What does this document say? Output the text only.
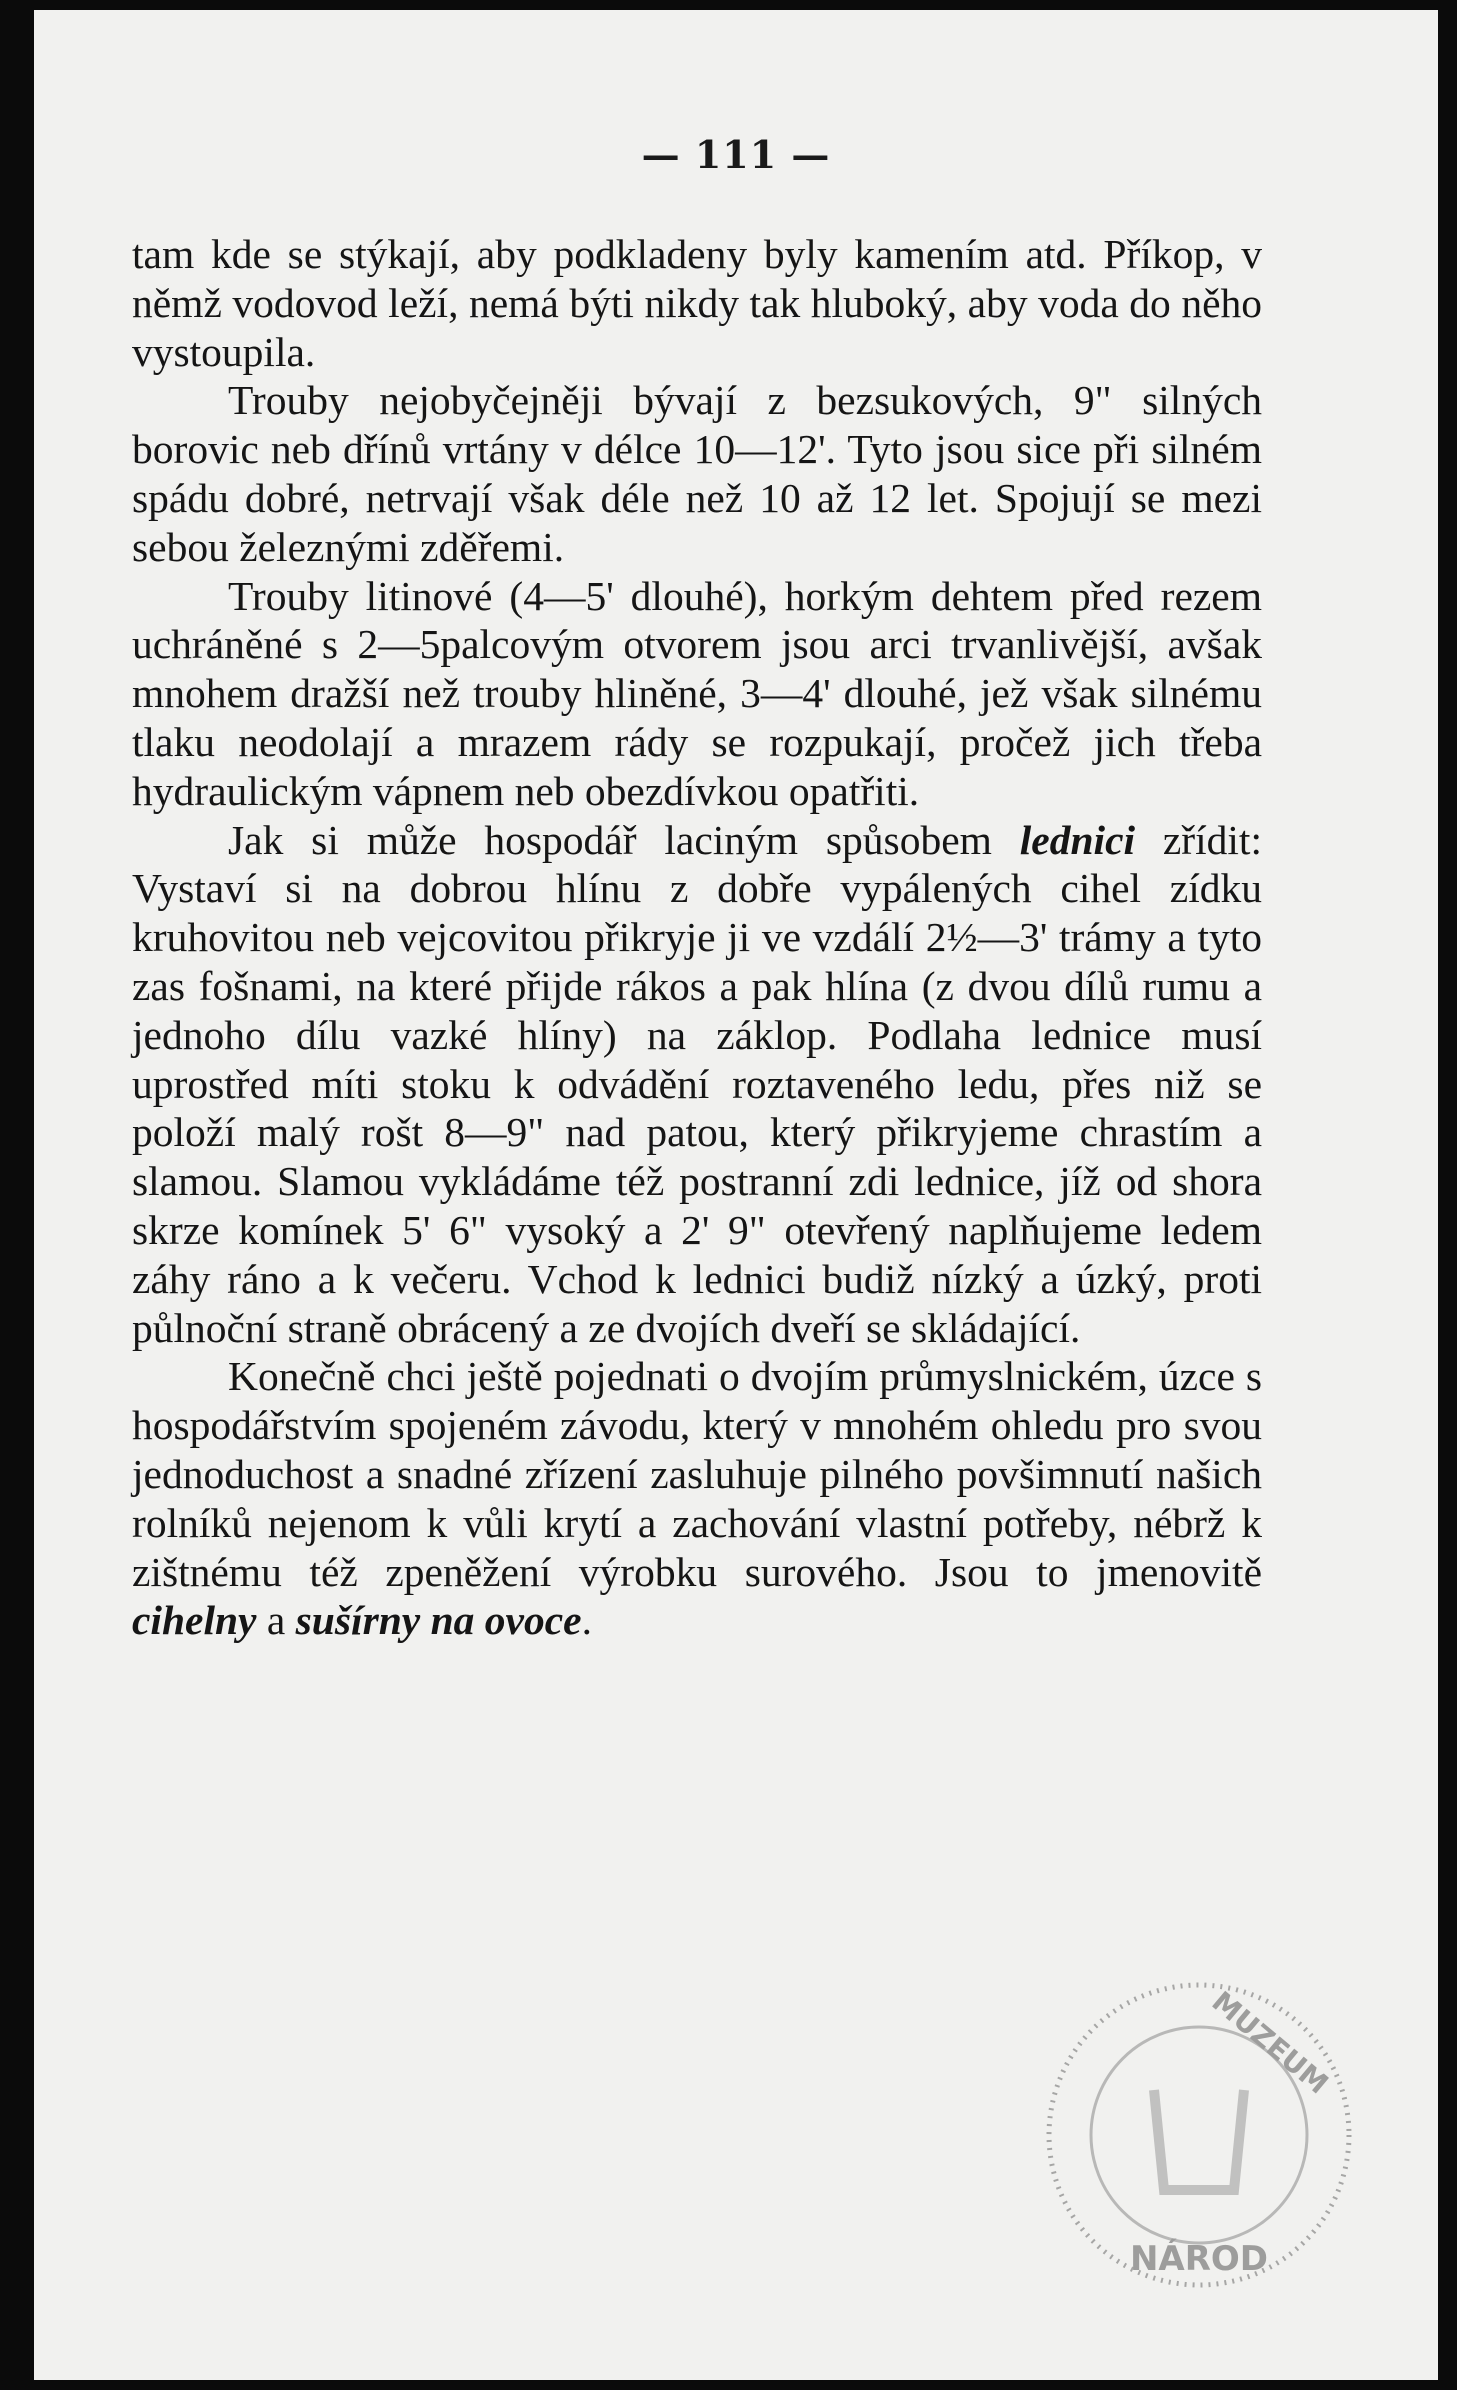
— 111 —

tam kde se stýkají, aby podkladeny byly kamením atd. Příkop, v němž vodovod leží, nemá býti nikdy tak hluboký, aby voda do něho vystoupila.

Trouby nejobyčejněji bývají z bezsukových, 9" silných borovic neb dřínů vrtány v délce 10—12'. Tyto jsou sice při silném spádu dobré, netrvají však déle než 10 až 12 let. Spojují se mezi sebou železnými zděřemi.

Trouby litinové (4—5' dlouhé), horkým dehtem před rezem uchráněné s 2—5palcovým otvorem jsou arci trvanlivější, avšak mnohem dražší než trouby hliněné, 3—4' dlouhé, jež však silnému tlaku neodolají a mrazem rády se rozpukají, pročež jich třeba hydraulickým vápnem neb obezdívkou opatřiti.

Jak si může hospodář laciným spůsobem lednici zřídit: Vystaví si na dobrou hlínu z dobře vypálených cihel zídku kruhovitou neb vejcovitou přikryje ji ve vzdálí 2½—3' trámy a tyto zas fošnami, na které přijde rákos a pak hlína (z dvou dílů rumu a jednoho dílu vazké hlíny) na záklop. Podlaha lednice musí uprostřed míti stoku k odvádění roztaveného ledu, přes niž se položí malý rošt 8—9" nad patou, který přikryjeme chrastím a slamou. Slamou vykládáme též postranní zdi lednice, jíž od shora skrze komínek 5' 6" vysoký a 2' 9" otevřený naplňujeme ledem záhy ráno a k večeru. Vchod k lednici budiž nízký a úzký, proti půlnoční straně obrácený a ze dvojích dveří se skládající.

Konečně chci ještě pojednati o dvojím průmyslnickém, úzce s hospodářstvím spojeném závodu, který v mnohém ohledu pro svou jednoduchost a snadné zřízení zasluhuje pilného povšimnutí našich rolníků nejenom k vůli krytí a zachování vlastní potřeby, nébrž k zištnému též zpeněžení výrobku surového. Jsou to jmenovitě cihelny a sušírny na ovoce.

NÁROD
MUZEUM
